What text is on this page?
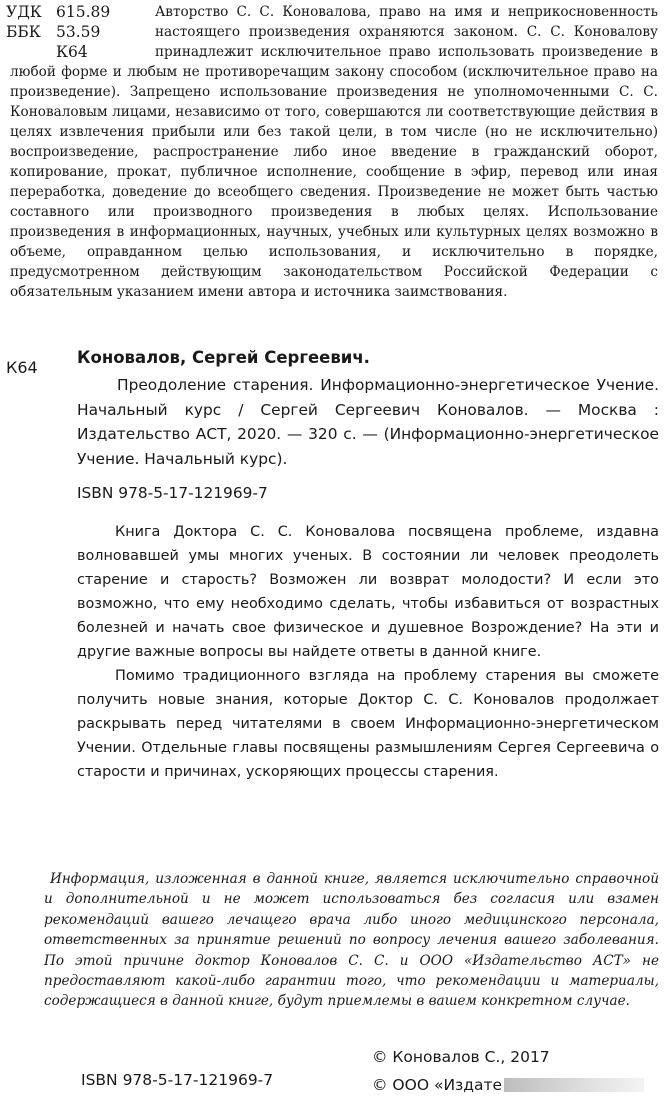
УДК 615.89
ББК 53.59
К64
Авторство С. С. Коновалова, право на имя и неприкосновенность настоящего произведения охраняются законом. С. С. Коновалову принадлежит исключительное право использовать произведение в любой форме и любым не противоречащим закону способом (исключительное право на произведение). Запрещено использование произведения не уполномоченными С. С. Коноваловым лицами, независимо от того, совершаются ли соответствующие действия в целях извлечения прибыли или без такой цели, в том числе (но не исключительно) воспроизведение, распространение либо иное введение в гражданский оборот, копирование, прокат, публичное исполнение, сообщение в эфир, перевод или иная переработка, доведение до всеобщего сведения. Произведение не может быть частью составного или производного произведения в любых целях. Использование произведения в информационных, научных, учебных или культурных целях возможно в объеме, оправданном целью использования, и исключительно в порядке, предусмотренном действующим законодательством Российской Федерации с обязательным указанием имени автора и источника заимствования.
Коновалов, Сергей Сергеевич.
К64

Преодоление старения. Информационно-энергетическое Учение. Начальный курс / Сергей Сергеевич Коновалов. — Москва : Издательство АСТ, 2020. — 320 с. — (Информационно-энергетическое Учение. Начальный курс).

ISBN 978-5-17-121969-7

Книга Доктора С. С. Коновалова посвящена проблеме, издавна волновавшей умы многих ученых. В состоянии ли человек преодолеть старение и старость? Возможен ли возврат молодости? И если это возможно, что ему необходимо сделать, чтобы избавиться от возрастных болезней и начать свое физическое и душевное Возрождение? На эти и другие важные вопросы вы найдете ответы в данной книге.

Помимо традиционного взгляда на проблему старения вы сможете получить новые знания, которые Доктор С. С. Коновалов продолжает раскрывать перед читателями в своем Информационно-энергетическом Учении. Отдельные главы посвящены размышлениям Сергея Сергеевича о старости и причинах, ускоряющих процессы старения.

Информация, изложенная в данной книге, является исключительно справочной и дополнительной и не может использоваться без согласия или взамен рекомендаций вашего лечащего врача либо иного медицинского персонала, ответственных за принятие решений по вопросу лечения вашего заболевания. По этой причине доктор Коновалов С. С. и ООО «Издательство АСТ» не предоставляют какой-либо гарантии того, что рекомендации и материалы, содержащиеся в данной книге, будут приемлемы в вашем конкретном случае.

© Коновалов С., 2017
© ООО «Издате
ISBN 978-5-17-121969-7
